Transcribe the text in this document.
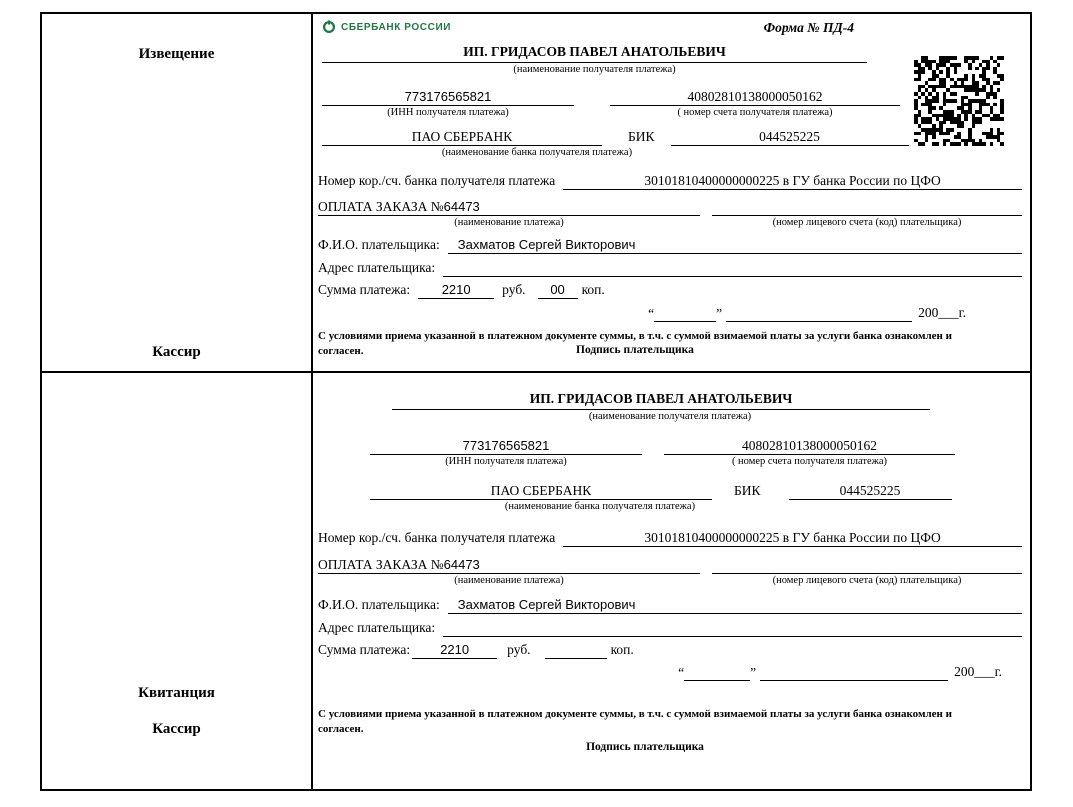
Извещение
Кассир
СБЕРБАНК РОССИИ	Форма № ПД-4
ИП. ГРИДАСОВ ПАВЕЛ АНАТОЛЬЕВИЧ
(наименование получателя платежа)
773176565821	40802810138000050162
(ИНН получателя платежа)	( номер счета получателя платежа)
ПАО СБЕРБАНК	БИК	044525225
(наименование банка получателя платежа)
Номер кор./сч. банка получателя платежа	30101810400000000225 в ГУ банка России по ЦФО
ОПЛАТА ЗАКАЗА №64473
(наименование платежа)	(номер лицевого счета (код) плательщика)
Ф.И.О. плательщика:	Захматов Сергей Викторович
Адрес плательщика:
Сумма платежа:	2210	руб.	00	коп.
“	”	200___г.
С условиями приема указанной в платежном документе суммы, в т.ч. с суммой взимаемой платы за услуги банка ознакомлен и согласен.	Подпись плательщика
Квитанция
Кассир
ИП. ГРИДАСОВ ПАВЕЛ АНАТОЛЬЕВИЧ
(наименование получателя платежа)
773176565821	40802810138000050162
(ИНН получателя платежа)	( номер счета получателя платежа)
ПАО СБЕРБАНК	БИК	044525225
(наименование банка получателя платежа)
Номер кор./сч. банка получателя платежа	30101810400000000225 в ГУ банка России по ЦФО
ОПЛАТА ЗАКАЗА №64473
(наименование платежа)	(номер лицевого счета (код) плательщика)
Ф.И.О. плательщика:	Захматов Сергей Викторович
Адрес плательщика:
Сумма платежа:	2210	руб.	коп.
“	”	200___г.
С условиями приема указанной в платежном документе суммы, в т.ч. с суммой взимаемой платы за услуги банка ознакомлен и согласен.
Подпись плательщика
